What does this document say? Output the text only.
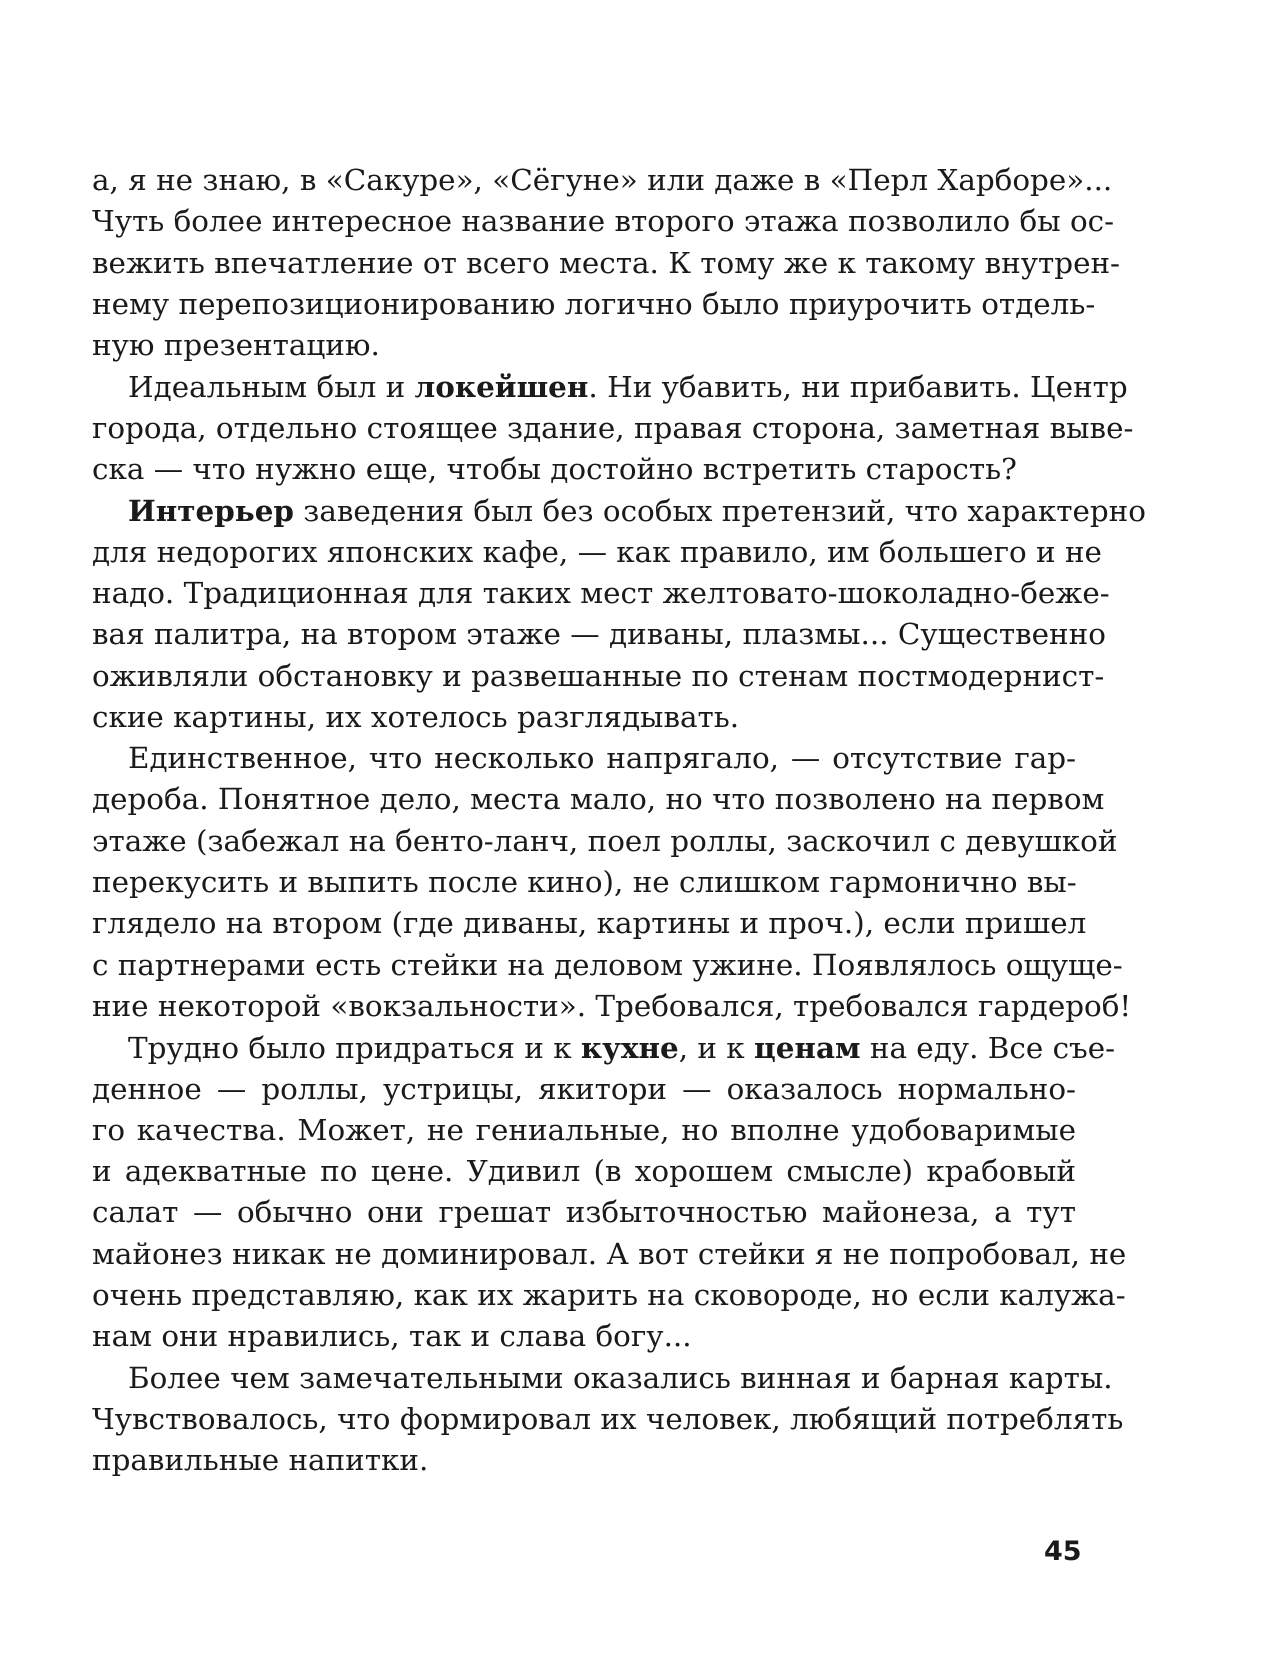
а, я не знаю, в «Сакуре», «Сёгуне» или даже в «Перл Харборе»...
Чуть более интересное название второго этажа позволило бы ос-
вежить впечатление от всего места. К тому же к такому внутрен-
нему перепозиционированию логично было приурочить отдель-
ную презентацию.

Идеальным был и локейшен. Ни убавить, ни прибавить. Центр
города, отдельно стоящее здание, правая сторона, заметная выве-
ска — что нужно еще, чтобы достойно встретить старость?

Интерьер заведения был без особых претензий, что характерно
для недорогих японских кафе, — как правило, им большего и не
надо. Традиционная для таких мест желтовато-шоколадно-бежe-
вая палитра, на втором этаже — диваны, плазмы... Существенно
оживляли обстановку и развешанные по стенам постмодернист-
ские картины, их хотелось разглядывать.

Единственное, что несколько напрягало, — отсутствие гар-
дероба. Понятное дело, места мало, но что позволено на первом
этаже (забежал на бенто-ланч, поел роллы, заскочил с девушкой
перекусить и выпить после кино), не слишком гармонично вы-
глядело на втором (где диваны, картины и проч.), если пришел
с партнерами есть стейки на деловом ужине. Появлялось ощуще-
ние некоторой «вокзальности». Требовался, требовался гардероб!

Трудно было придраться и к кухне, и к ценам на еду. Все съе-
денное — роллы, устрицы, якитори — оказалось нормально-
го качества. Может, не гениальные, но вполне удобоваримые
и адекватные по цене. Удивил (в хорошем смысле) крабовый
салат — обычно они грешат избыточностью майонеза, а тут
майонез никак не доминировал. А вот стейки я не попробовал, не
очень представляю, как их жарить на сковороде, но если калужа-
нам они нравились, так и слава богу...

Более чем замечательными оказались винная и барная карты.
Чувствовалось, что формировал их человек, любящий потреблять
правильные напитки.

45
